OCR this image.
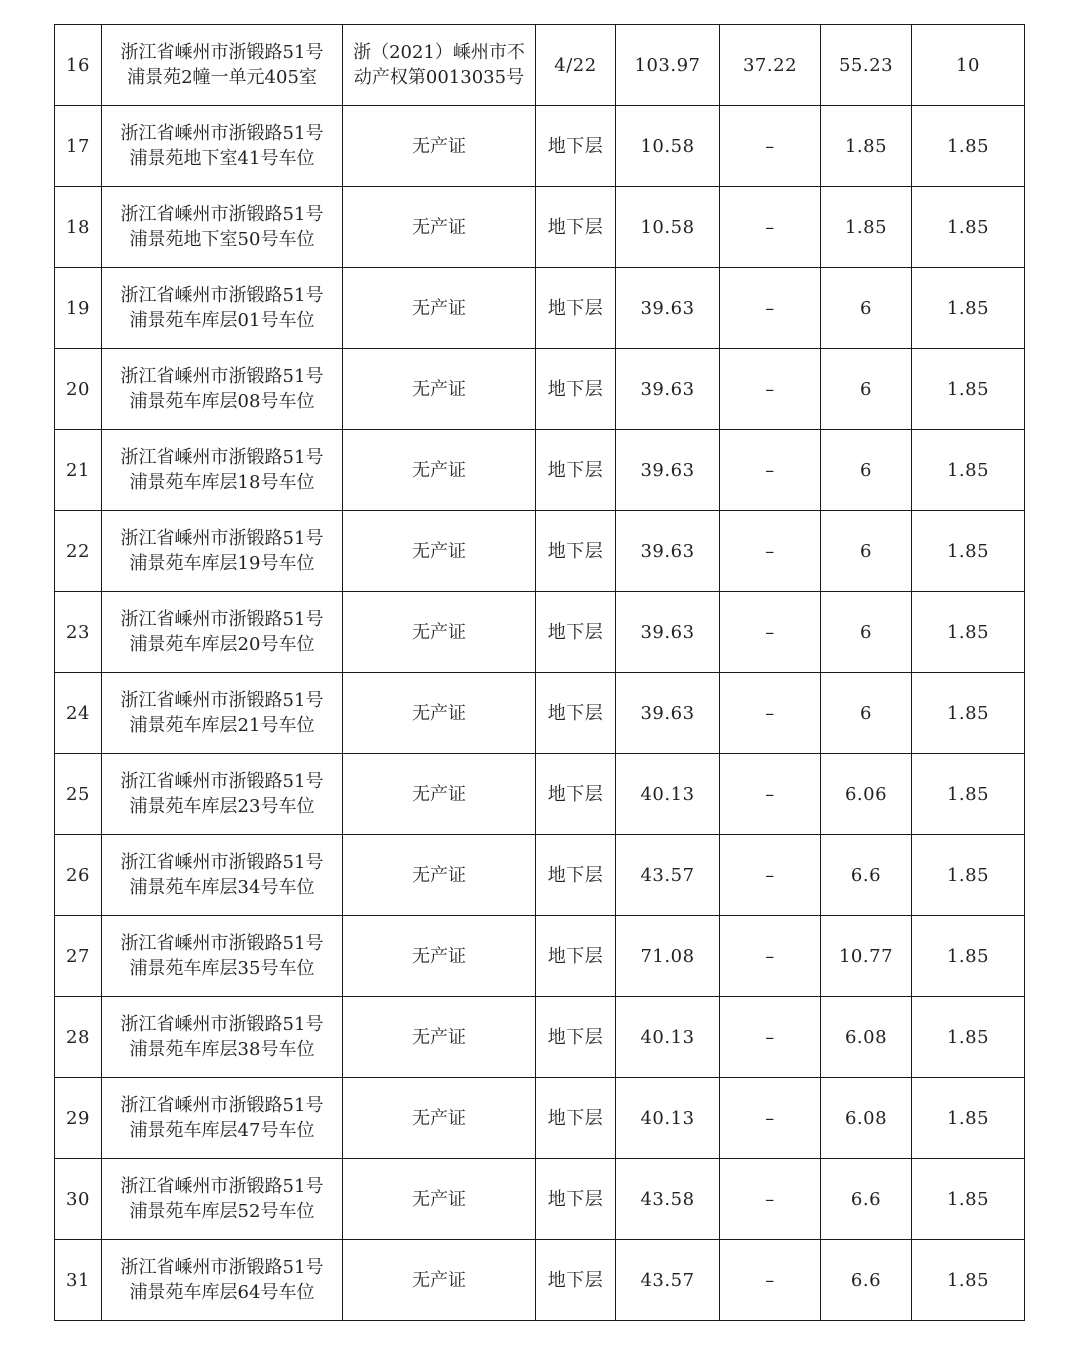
16	浙江省嵊州市浙锻路51号
浦景苑2幢一单元405室	浙（2021）嵊州市不
动产权第0013035号	4/22	103.97	37.22	55.23	10
17	浙江省嵊州市浙锻路51号
浦景苑地下室41号车位	无产证	地下层	10.58	–	1.85	1.85
18	浙江省嵊州市浙锻路51号
浦景苑地下室50号车位	无产证	地下层	10.58	–	1.85	1.85
19	浙江省嵊州市浙锻路51号
浦景苑车库层01号车位	无产证	地下层	39.63	–	6	1.85
20	浙江省嵊州市浙锻路51号
浦景苑车库层08号车位	无产证	地下层	39.63	–	6	1.85
21	浙江省嵊州市浙锻路51号
浦景苑车库层18号车位	无产证	地下层	39.63	–	6	1.85
22	浙江省嵊州市浙锻路51号
浦景苑车库层19号车位	无产证	地下层	39.63	–	6	1.85
23	浙江省嵊州市浙锻路51号
浦景苑车库层20号车位	无产证	地下层	39.63	–	6	1.85
24	浙江省嵊州市浙锻路51号
浦景苑车库层21号车位	无产证	地下层	39.63	–	6	1.85
25	浙江省嵊州市浙锻路51号
浦景苑车库层23号车位	无产证	地下层	40.13	–	6.06	1.85
26	浙江省嵊州市浙锻路51号
浦景苑车库层34号车位	无产证	地下层	43.57	–	6.6	1.85
27	浙江省嵊州市浙锻路51号
浦景苑车库层35号车位	无产证	地下层	71.08	–	10.77	1.85
28	浙江省嵊州市浙锻路51号
浦景苑车库层38号车位	无产证	地下层	40.13	–	6.08	1.85
29	浙江省嵊州市浙锻路51号
浦景苑车库层47号车位	无产证	地下层	40.13	–	6.08	1.85
30	浙江省嵊州市浙锻路51号
浦景苑车库层52号车位	无产证	地下层	43.58	–	6.6	1.85
31	浙江省嵊州市浙锻路51号
浦景苑车库层64号车位	无产证	地下层	43.57	–	6.6	1.85
